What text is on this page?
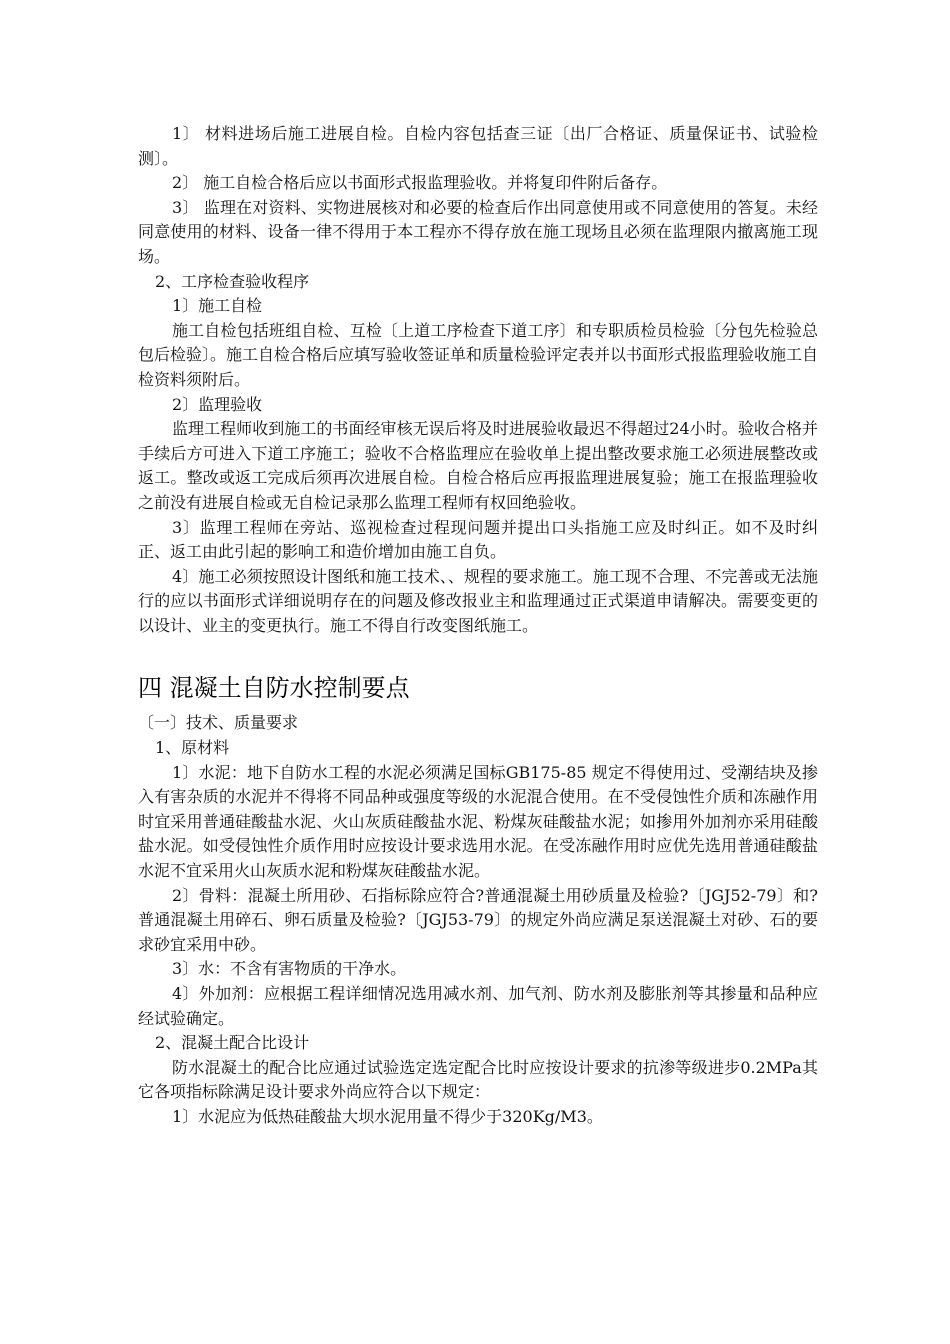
1〕 材料进场后施工进展自检。自检内容包括查三证〔出厂合格证、质量保证书、试验检测〕。

2〕 施工自检合格后应以书面形式报监理验收。并将复印件附后备存。

3〕 监理在对资料、实物进展核对和必要的检查后作出同意使用或不同意使用的答复。未经同意使用的材料、设备一律不得用于本工程亦不得存放在施工现场且必须在监理限内撤离施工现场。

2、工序检查验收程序

1〕施工自检

施工自检包括班组自检、互检〔上道工序检查下道工序〕和专职质检员检验〔分包先检验总包后检验〕。施工自检合格后应填写验收签证单和质量检验评定表并以书面形式报监理验收施工自检资料须附后。

2〕监理验收

监理工程师收到施工的书面经审核无误后将及时进展验收最迟不得超过24小时。验收合格并手续后方可进入下道工序施工；验收不合格监理应在验收单上提出整改要求施工必须进展整改或返工。整改或返工完成后须再次进展自检。自检合格后应再报监理进展复验；施工在报监理验收之前没有进展自检或无自检记录那么监理工程师有权回绝验收。

3〕监理工程师在旁站、巡视检查过程现问题并提出口头指施工应及时纠正。如不及时纠正、返工由此引起的影响工和造价增加由施工自负。

4〕施工必须按照设计图纸和施工技术、、规程的要求施工。施工现不合理、不完善或无法施行的应以书面形式详细说明存在的问题及修改报业主和监理通过正式渠道申请解决。需要变更的以设计、业主的变更执行。施工不得自行改变图纸施工。

四 混凝土自防水控制要点

〔一〕技术、质量要求

1、原材料

1〕水泥：地下自防水工程的水泥必须满足国标GB175-85 规定不得使用过、受潮结块及掺入有害杂质的水泥并不得将不同品种或强度等级的水泥混合使用。在不受侵蚀性介质和冻融作用时宜采用普通硅酸盐水泥、火山灰质硅酸盐水泥、粉煤灰硅酸盐水泥；如掺用外加剂亦采用硅酸盐水泥。如受侵蚀性介质作用时应按设计要求选用水泥。在受冻融作用时应优先选用普通硅酸盐水泥不宜采用火山灰质水泥和粉煤灰硅酸盐水泥。

2〕骨料：混凝土所用砂、石指标除应符合?普通混凝土用砂质量及检验?〔JGJ52-79〕和?普通混凝土用碎石、卵石质量及检验?〔JGJ53-79〕的规定外尚应满足泵送混凝土对砂、石的要求砂宜采用中砂。

3〕水：不含有害物质的干净水。

4〕外加剂：应根据工程详细情况选用减水剂、加气剂、防水剂及膨胀剂等其掺量和品种应经试验确定。

2、混凝土配合比设计

防水混凝土的配合比应通过试验选定选定配合比时应按设计要求的抗渗等级进步0.2MPa其它各项指标除满足设计要求外尚应符合以下规定：

1〕水泥应为低热硅酸盐大坝水泥用量不得少于320Kg/M3。
